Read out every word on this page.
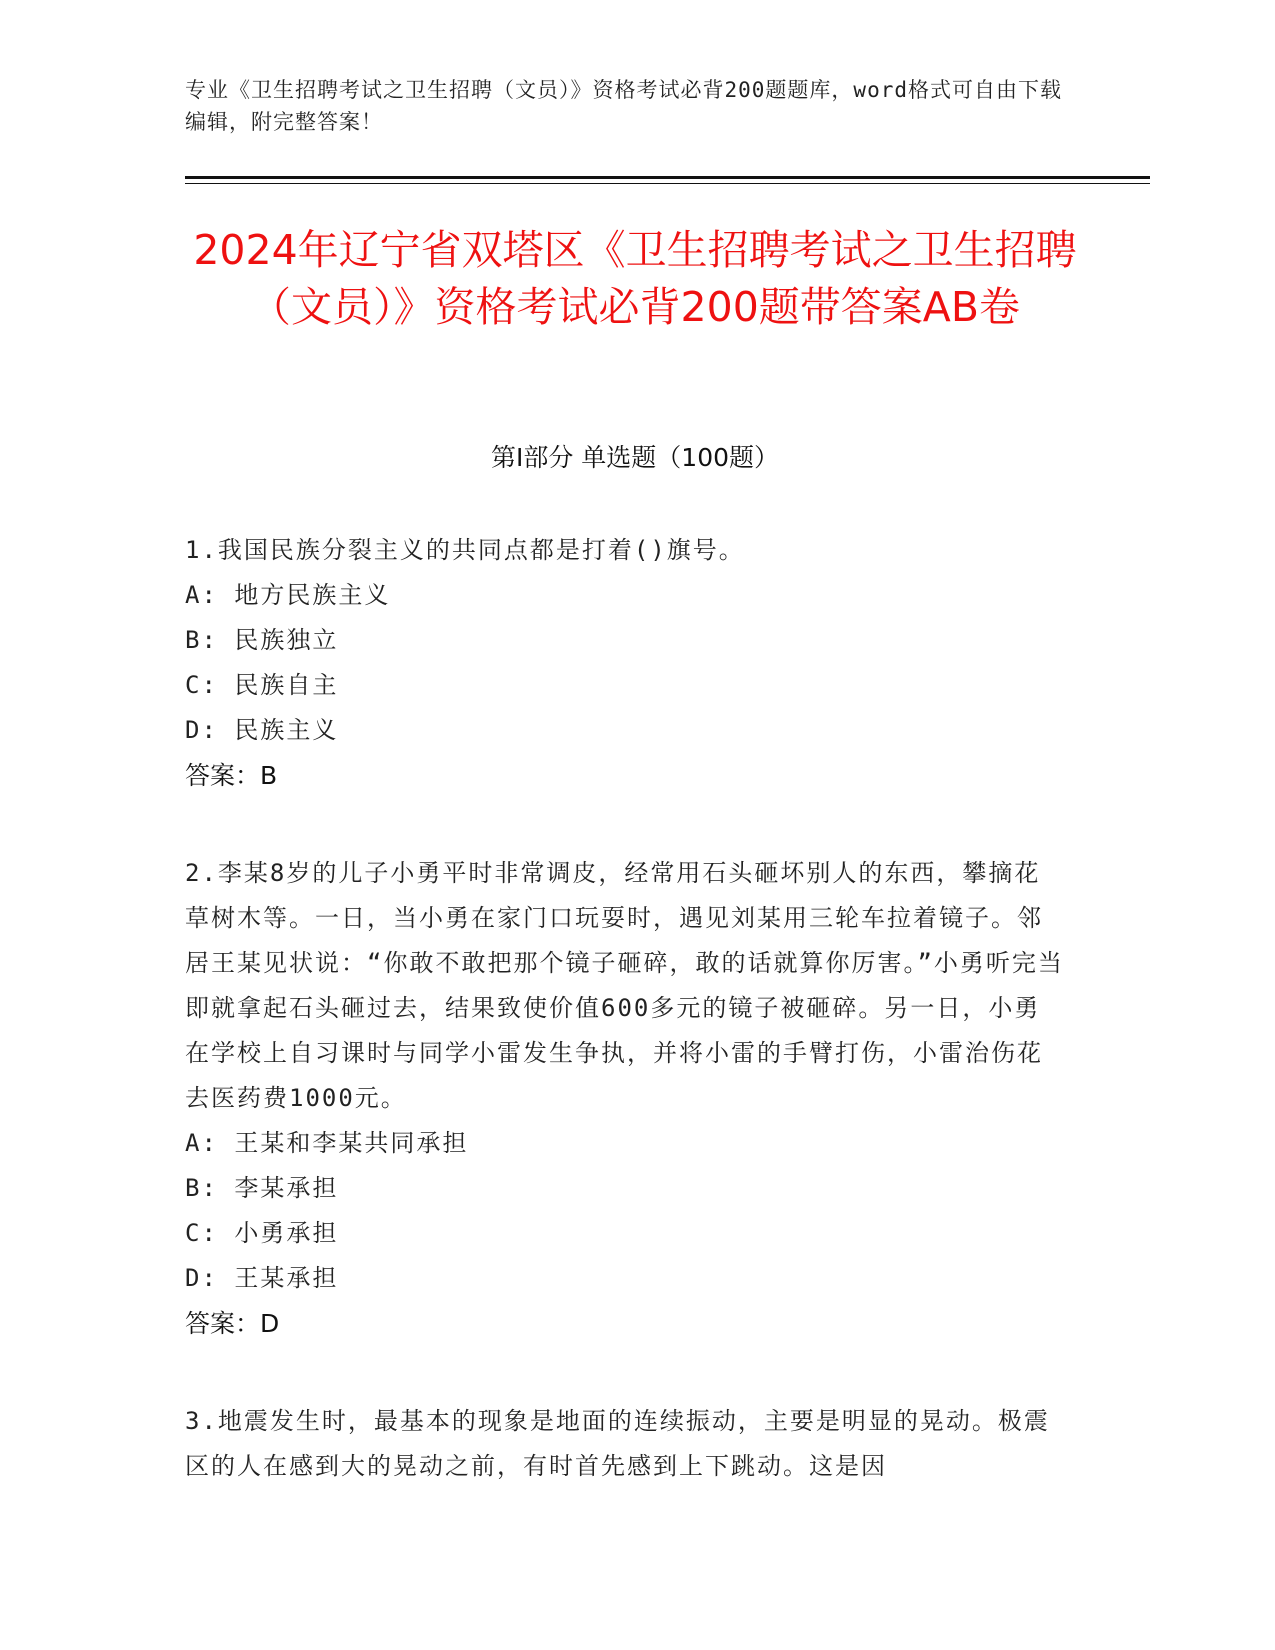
专业《卫生招聘考试之卫生招聘（文员）》资格考试必背200题题库，word格式可自由下载编辑，附完整答案！
2024年辽宁省双塔区《卫生招聘考试之卫生招聘（文员）》资格考试必背200题带答案AB卷
第I部分 单选题（100题）

1.我国民族分裂主义的共同点都是打着()旗号。

A: 地方民族主义

B: 民族独立

C: 民族自主

D: 民族主义

答案：B

2.李某8岁的儿子小勇平时非常调皮，经常用石头砸坏别人的东西，攀摘花草树木等。一日，当小勇在家门口玩耍时，遇见刘某用三轮车拉着镜子。邻居王某见状说：“你敢不敢把那个镜子砸碎，敢的话就算你厉害。”小勇听完当即就拿起石头砸过去，结果致使价值600多元的镜子被砸碎。另一日，小勇在学校上自习课时与同学小雷发生争执，并将小雷的手臂打伤，小雷治伤花去医药费1000元。

A: 王某和李某共同承担

B: 李某承担

C: 小勇承担

D: 王某承担

答案：D

3.地震发生时，最基本的现象是地面的连续振动，主要是明显的晃动。极震区的人在感到大的晃动之前，有时首先感到上下跳动。这是因
